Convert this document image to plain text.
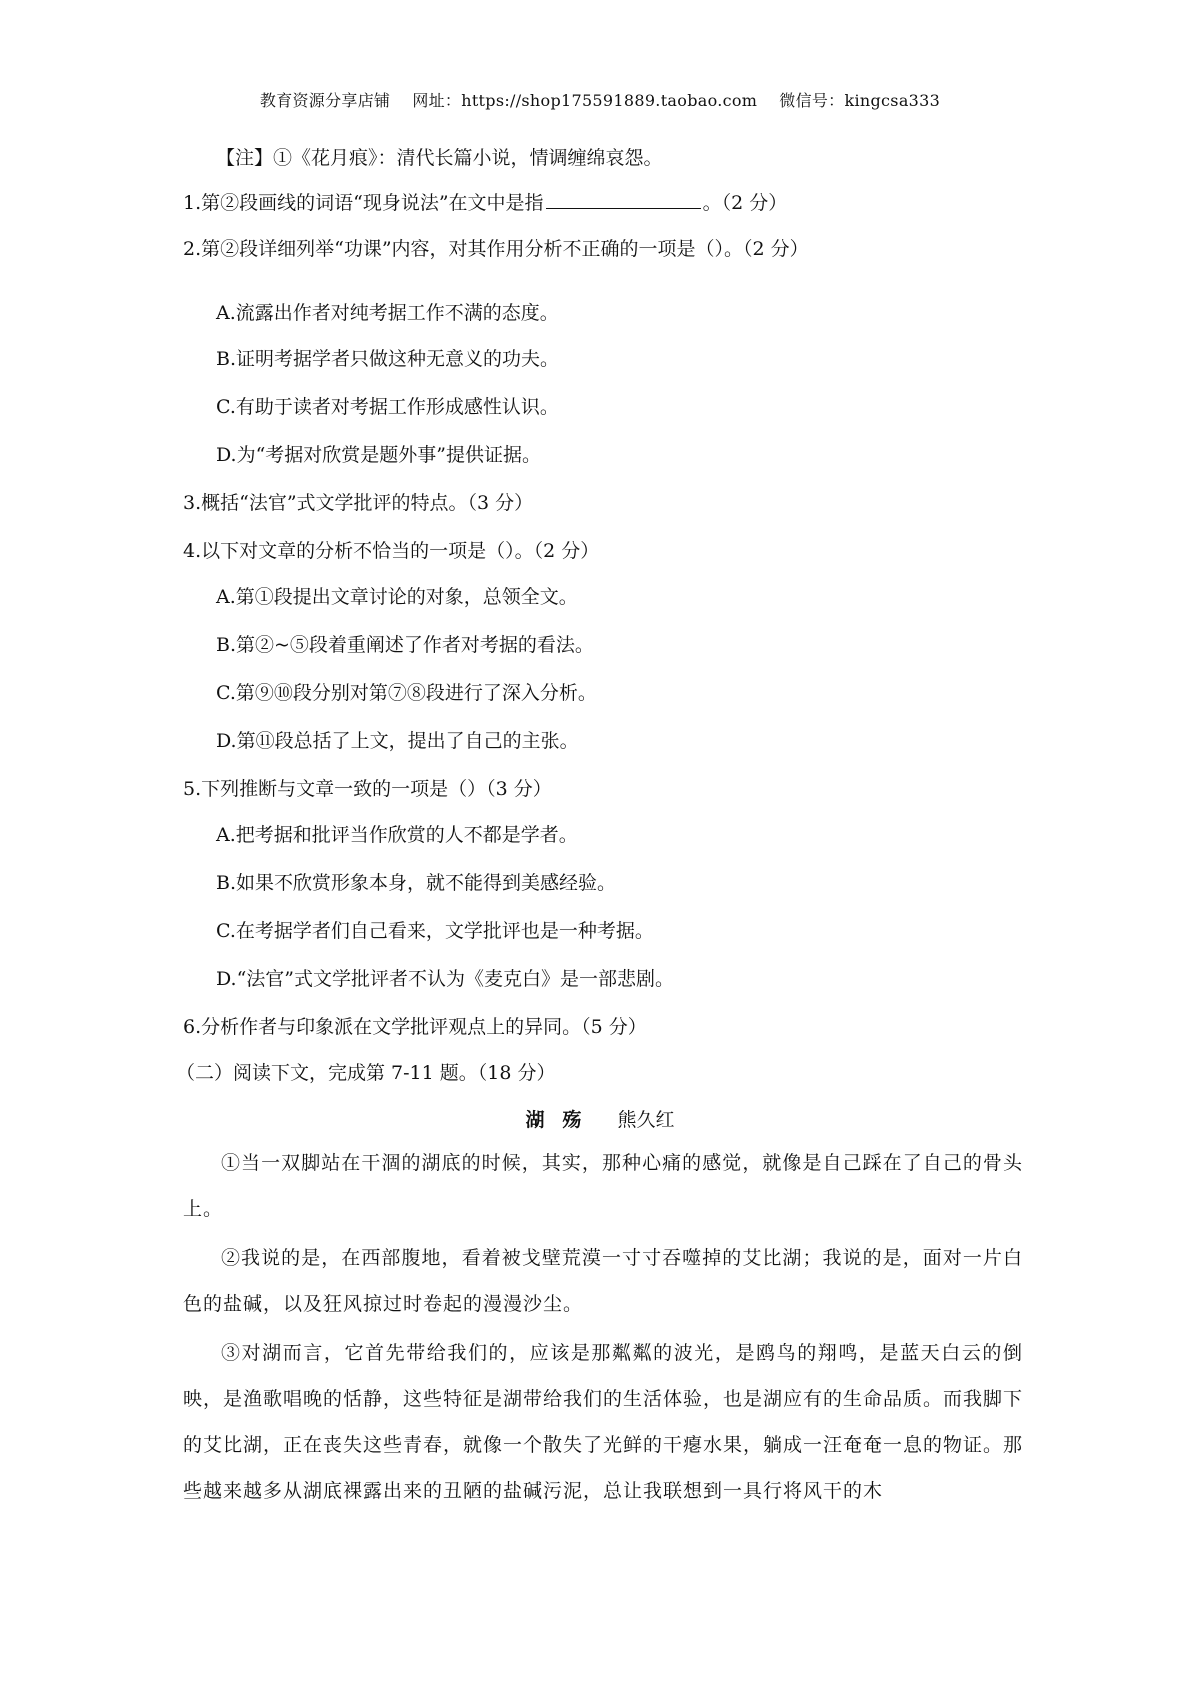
教育资源分享店铺 网址：https://shop175591889.taobao.com 微信号：kingcsa333
【注】①《花月痕》：清代长篇小说，情调缠绵哀怨。
1.第②段画线的词语“现身说法”在文中是指	。（2 分）
2.第②段详细列举“功课”内容，对其作用分析不正确的一项是（）。（2 分）
A.流露出作者对纯考据工作不满的态度。
B.证明考据学者只做这种无意义的功夫。
C.有助于读者对考据工作形成感性认识。
D.为“考据对欣赏是题外事”提供证据。
3.概括“法官”式文学批评的特点。（3 分）
4.以下对文章的分析不恰当的一项是（）。（2 分）
A.第①段提出文章讨论的对象，总领全文。
B.第②~⑤段着重阐述了作者对考据的看法。
C.第⑨⑩段分别对第⑦⑧段进行了深入分析。
D.第⑪段总括了上文，提出了自己的主张。
5.下列推断与文章一致的一项是（）（3 分）
A.把考据和批评当作欣赏的人不都是学者。
B.如果不欣赏形象本身，就不能得到美感经验。
C.在考据学者们自己看来，文学批评也是一种考据。
D.“法官”式文学批评者不认为《麦克白》是一部悲剧。
6.分析作者与印象派在文学批评观点上的异同。（5 分）
（二）阅读下文，完成第 7-11 题。（18 分）
湖 殇 熊久红
①当一双脚站在干涸的湖底的时候，其实，那种心痛的感觉，就像是自己踩在了自己的骨头上。
②我说的是，在西部腹地，看着被戈壁荒漠一寸寸吞噬掉的艾比湖；我说的是，面对一片白色的盐碱，以及狂风掠过时卷起的漫漫沙尘。
③对湖而言，它首先带给我们的，应该是那粼粼的波光，是鸥鸟的翔鸣，是蓝天白云的倒映，是渔歌唱晚的恬静，这些特征是湖带给我们的生活体验，也是湖应有的生命品质。而我脚下的艾比湖，正在丧失这些青春，就像一个散失了光鲜的干瘪水果，躺成一汪奄奄一息的物证。那些越来越多从湖底裸露出来的丑陋的盐碱污泥，总让我联想到一具行将风干的木
